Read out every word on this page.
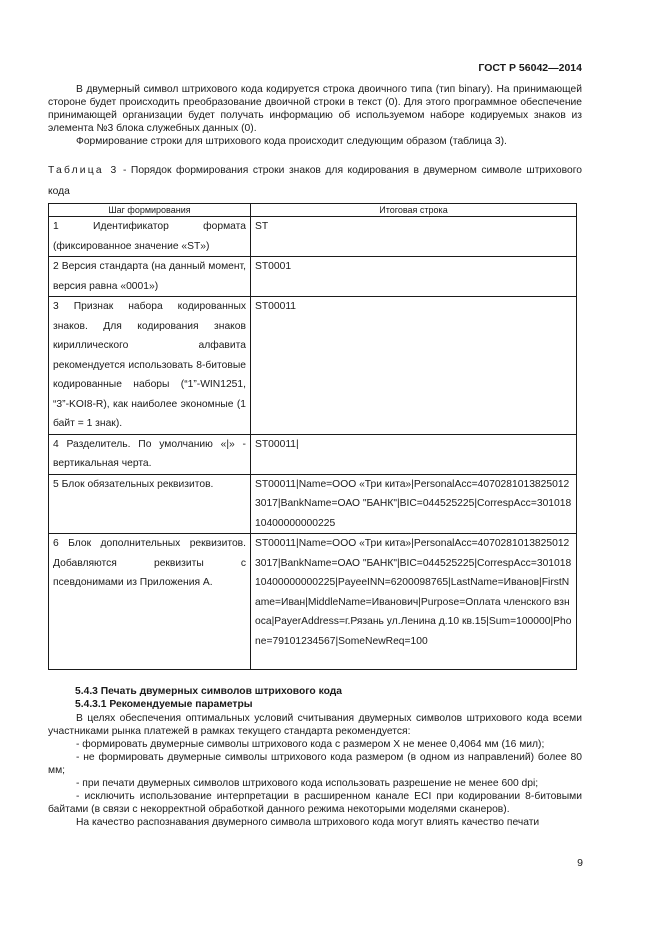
ГОСТ Р 56042—2014
В двумерный символ штрихового кода кодируется строка двоичного типа (тип binary). На принимающей стороне будет происходить преобразование двоичной строки в текст (0). Для этого программное обеспечение принимающей организации будет получать информацию об используемом наборе кодируемых знаков из элемента №3 блока служебных данных (0).
Формирование строки для штрихового кода происходит следующим образом (таблица 3).
Таблица 3 - Порядок формирования строки знаков для кодирования в двумерном символе штрихового кода
Шаг формирования	Итоговая строка
1 Идентификатор формата (фиксированное значение «ST»)	ST
2 Версия стандарта (на данный момент, версия равна «0001»)	ST0001
3 Признак набора кодированных знаков. Для кодирования знаков кириллического алфавита рекомендуется использовать 8-битовые кодированные наборы (“1”-WIN1251, “3”-KOI8-R), как наиболее экономные (1 байт = 1 знак).	ST00011
4 Разделитель. По умолчанию «|» - вертикальная черта.	ST00011|
5 Блок обязательных реквизитов.	ST00011|Name=ООО «Три кита»|PersonalAcc=40702810138250123017|BankName=ОАО "БАНК"|BIC=044525225|CorrespAcc=30101810400000000225
6 Блок дополнительных реквизитов. Добавляются реквизиты с псевдонимами из Приложения А.	ST00011|Name=ООО «Три кита»|PersonalAcc=40702810138250123017|BankName=ОАО "БАНК"|BIC=044525225|CorrespAcc=30101810400000000225|PayeeINN=6200098765|LastName=Иванов|FirstName=Иван|MiddleName=Иванович|Purpose=Оплата членского взноса|PayerAddress=г.Рязань ул.Ленина д.10 кв.15|Sum=100000|Phone=79101234567|SomeNewReq=100
5.4.3 Печать двумерных символов штрихового кода
5.4.3.1 Рекомендуемые параметры
В целях обеспечения оптимальных условий считывания двумерных символов штрихового кода всеми участниками рынка платежей в рамках текущего стандарта рекомендуется:
- формировать двумерные символы штрихового кода с размером X не менее 0,4064 мм (16 мил);
- не формировать двумерные символы штрихового кода размером (в одном из направлений) более 80 мм;
- при печати двумерных символов штрихового кода использовать разрешение не менее 600 dpi;
- исключить использование интерпретации в расширенном канале ECI при кодировании 8-битовыми байтами (в связи с некорректной обработкой данного режима некоторыми моделями сканеров).
На качество распознавания двумерного символа штрихового кода могут влиять качество печати
9
